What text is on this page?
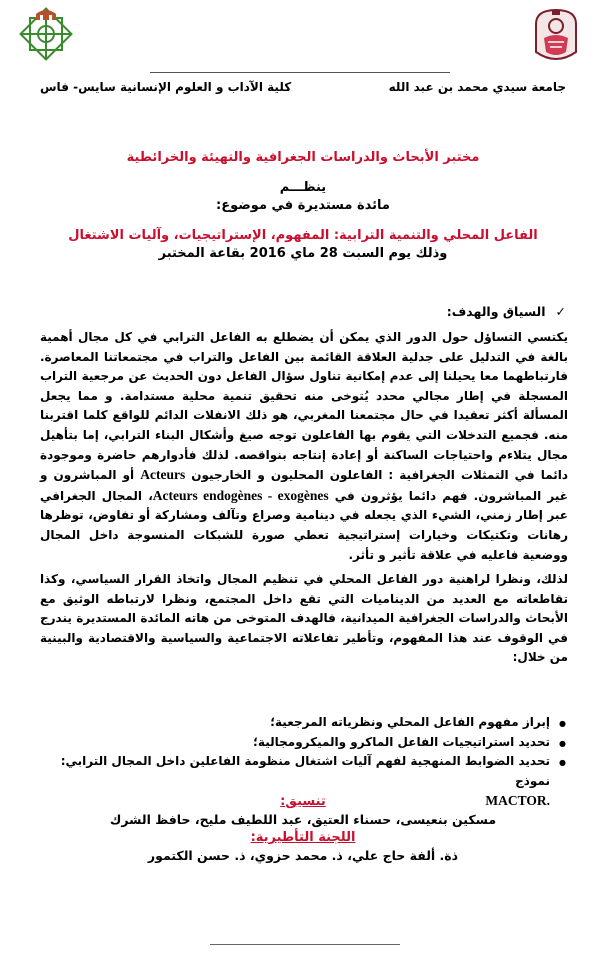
جامعة سيدي محمد بن عبد الله
كلية الآداب و العلوم الإنسانية سايس- فاس
مختبر الأبحاث والدراسات الجغرافية والتهيئة والخرائطية
ينظـــم
مائدة مستديرة في موضوع:
الفاعل المحلي والتنمية الترابية: المفهوم، الإستراتيجيات، وآليات الاشتغال
وذلك يوم السبت 28 ماي 2016 بقاعة المختبر
✓السياق والهدف:
يكتسي التساؤل حول الدور الذي يمكن أن يضطلع به الفاعل الترابي في كل مجال أهمية بالغة في التدليل على جدلية العلاقة القائمة بين الفاعل والتراب في مجتمعاتنا المعاصرة. فارتباطهما معا يحيلنا إلى عدم إمكانية تناول سؤال الفاعل دون الحديث عن مرجعية التراب المسجلة في إطار مجالي محدد يُتوخى منه تحقيق تنمية محلية مستدامة. و مما يجعل المسألة أكثر تعقيدا في حال مجتمعنا المغربي، هو ذلك الانفلات الدائم للواقع كلما اقتربنا منه. فجميع التدخلات التي يقوم بها الفاعلون توجه صيغ وأشكال البناء الترابي، إما بتأهيل مجال يتلاءم واحتياجات الساكنة أو إعادة إنتاجه بنواقصه. لذلك فأدوارهم حاضرة وموجودة دائما في التمثلات الجغرافية : الفاعلون المحليون و الخارجيون Acteurs أو المباشرون و غير المباشرون. فهم دائما يؤثرون في Acteurs endogènes - exogènes، المجال الجغرافي عبر إطار زمني، الشيء الذي يجعله في دينامية وصراع وتآلف ومشاركة أو تفاوض، توظرها رهانات وتكتيكات وخيارات إستراتيجية تعطي صورة للشبكات المنسوجة داخل المجال ووضعية فاعليه في علاقة تأثير و تأثر.
لذلك، ونظرا لراهنية دور الفاعل المحلي في تنظيم المجال واتخاذ القرار السياسي، وكذا تقاطعاته مع العديد من الديناميات التي تقع داخل المجتمع، ونظرا لارتباطه الوثيق مع الأبحاث والدراسات الجغرافية الميدانية، فالهدف المتوخى من هاته المائدة المستديرة يندرج في الوقوف عند هذا المفهوم، وتأطير تفاعلاته الاجتماعية والسياسية والاقتصادية والبينية من خلال:
● إبراز مفهوم الفاعل المحلي ونظرياته المرجعية؛
● تحديد استراتيجيات الفاعل الماكرو والميكرومجالية؛
● تحديد الضوابط المنهجية لفهم آليات اشتغال منظومة الفاعلين داخل المجال الترابي: نموذج
MACTOR.
تنسيق:
مسكين بنعيسى، حسناء العتيق، عبد اللطيف مليح، حافظ الشرك
اللجنة التأطيرية:
ذة. ألفة حاج علي، ذ. محمد حزوي، ذ. حسن الكتمور
